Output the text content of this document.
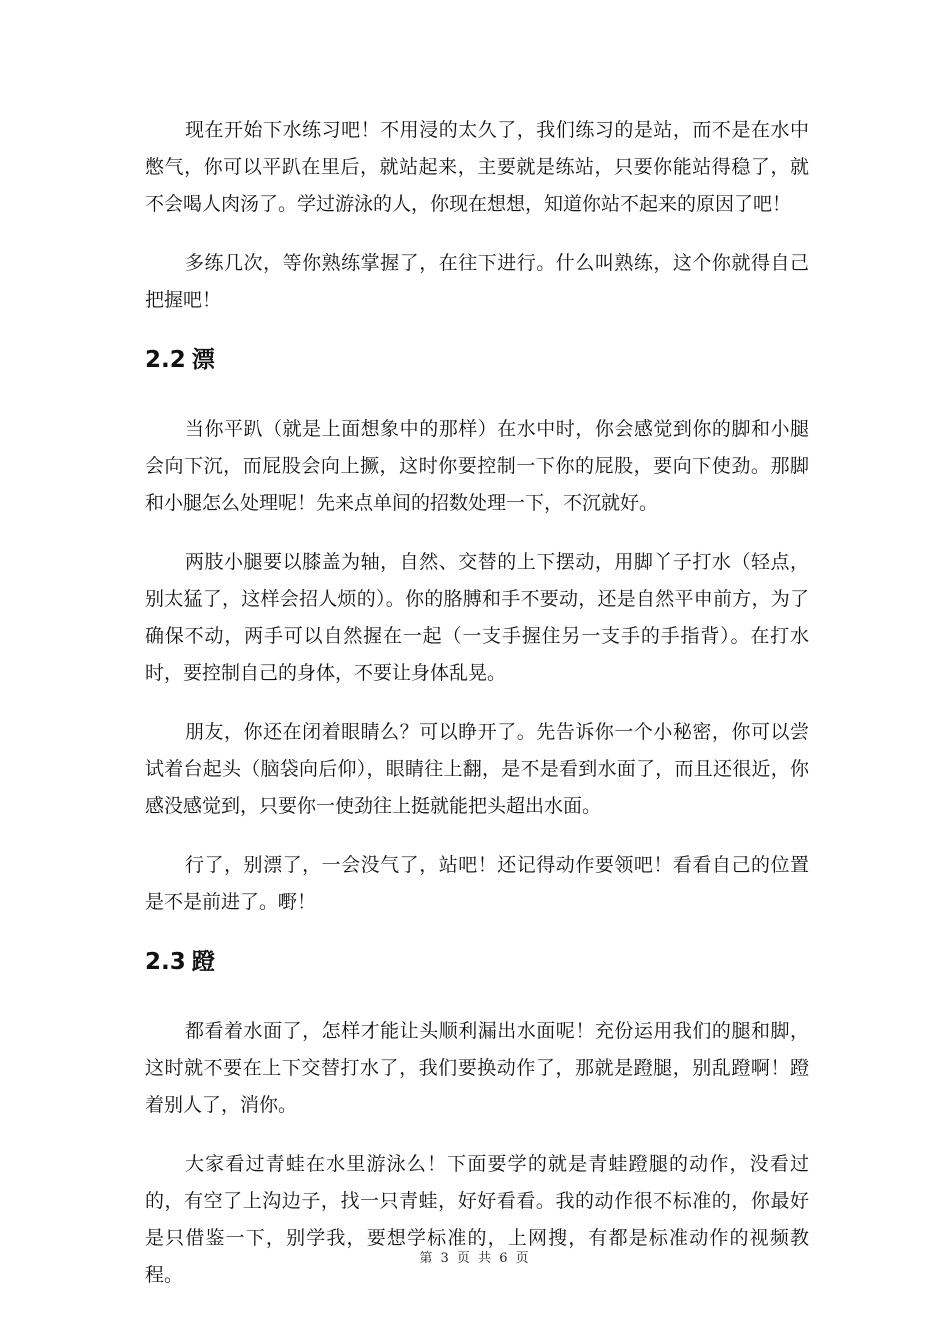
现在开始下水练习吧！不用浸的太久了，我们练习的是站，而不是在水中憋气，你可以平趴在里后，就站起来，主要就是练站，只要你能站得稳了，就不会喝人肉汤了。学过游泳的人，你现在想想，知道你站不起来的原因了吧！

多练几次，等你熟练掌握了，在往下进行。什么叫熟练，这个你就得自己把握吧！

2.2 漂

当你平趴（就是上面想象中的那样）在水中时，你会感觉到你的脚和小腿会向下沉，而屁股会向上撅，这时你要控制一下你的屁股，要向下使劲。那脚和小腿怎么处理呢！先来点单间的招数处理一下，不沉就好。

两肢小腿要以膝盖为轴，自然、交替的上下摆动，用脚丫子打水（轻点，别太猛了，这样会招人烦的）。你的胳膊和手不要动，还是自然平申前方，为了确保不动，两手可以自然握在一起（一支手握住另一支手的手指背）。在打水时，要控制自己的身体，不要让身体乱晃。

朋友，你还在闭着眼睛么？可以睁开了。先告诉你一个小秘密，你可以尝试着台起头（脑袋向后仰），眼睛往上翻，是不是看到水面了，而且还很近，你感没感觉到，只要你一使劲往上挺就能把头超出水面。

行了，别漂了，一会没气了，站吧！还记得动作要领吧！看看自己的位置是不是前进了。嘢！

2.3 蹬

都看着水面了，怎样才能让头顺利漏出水面呢！充份运用我们的腿和脚，这时就不要在上下交替打水了，我们要换动作了，那就是蹬腿，别乱蹬啊！蹬着别人了，消你。

大家看过青蛙在水里游泳么！下面要学的就是青蛙蹬腿的动作，没看过的，有空了上沟边子，找一只青蛙，好好看看。我的动作很不标准的，你最好是只借鉴一下，别学我，要想学标准的，上网搜，有都是标准动作的视频教程。

第 3 页 共 6 页
